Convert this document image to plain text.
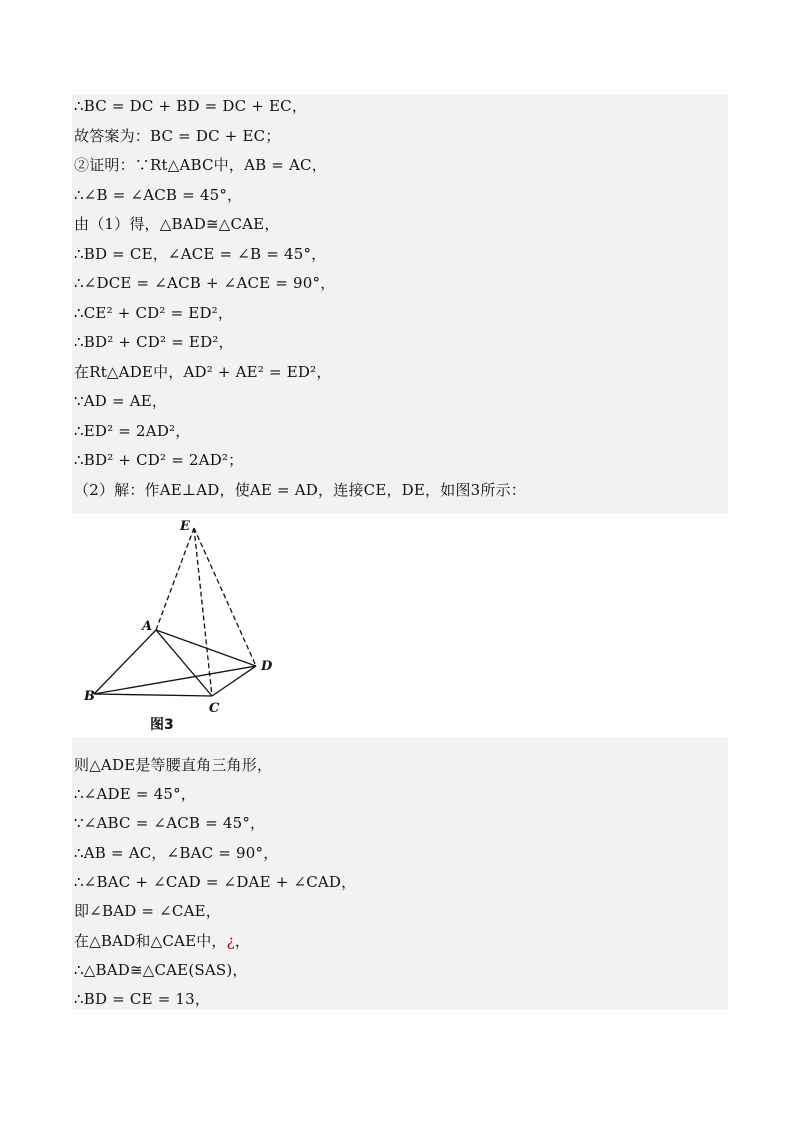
∴BC = DC + BD = DC + EC，
故答案为：BC = DC + EC；
②证明：∵Rt△ABC中，AB = AC，
∴∠B = ∠ACB = 45°，
由（1）得，△BAD≅△CAE，
∴BD = CE，∠ACE = ∠B = 45°，
∴∠DCE = ∠ACB + ∠ACE = 90°，
∴CE² + CD² = ED²，
∴BD² + CD² = ED²，
在Rt△ADE中，AD² + AE² = ED²，
∵AD = AE，
∴ED² = 2AD²，
∴BD² + CD² = 2AD²；
（2）解：作AE⊥AD，使AE = AD，连接CE，DE，如图3所示：
E
A
B
C
D
图3
则△ADE是等腰直角三角形，
∴∠ADE = 45°，
∵∠ABC = ∠ACB = 45°，
∴AB = AC，∠BAC = 90°，
∴∠BAC + ∠CAD = ∠DAE + ∠CAD，
即∠BAD = ∠CAE，
在△BAD和△CAE中，¿，
∴△BAD≅△CAE(SAS)，
∴BD = CE = 13，
